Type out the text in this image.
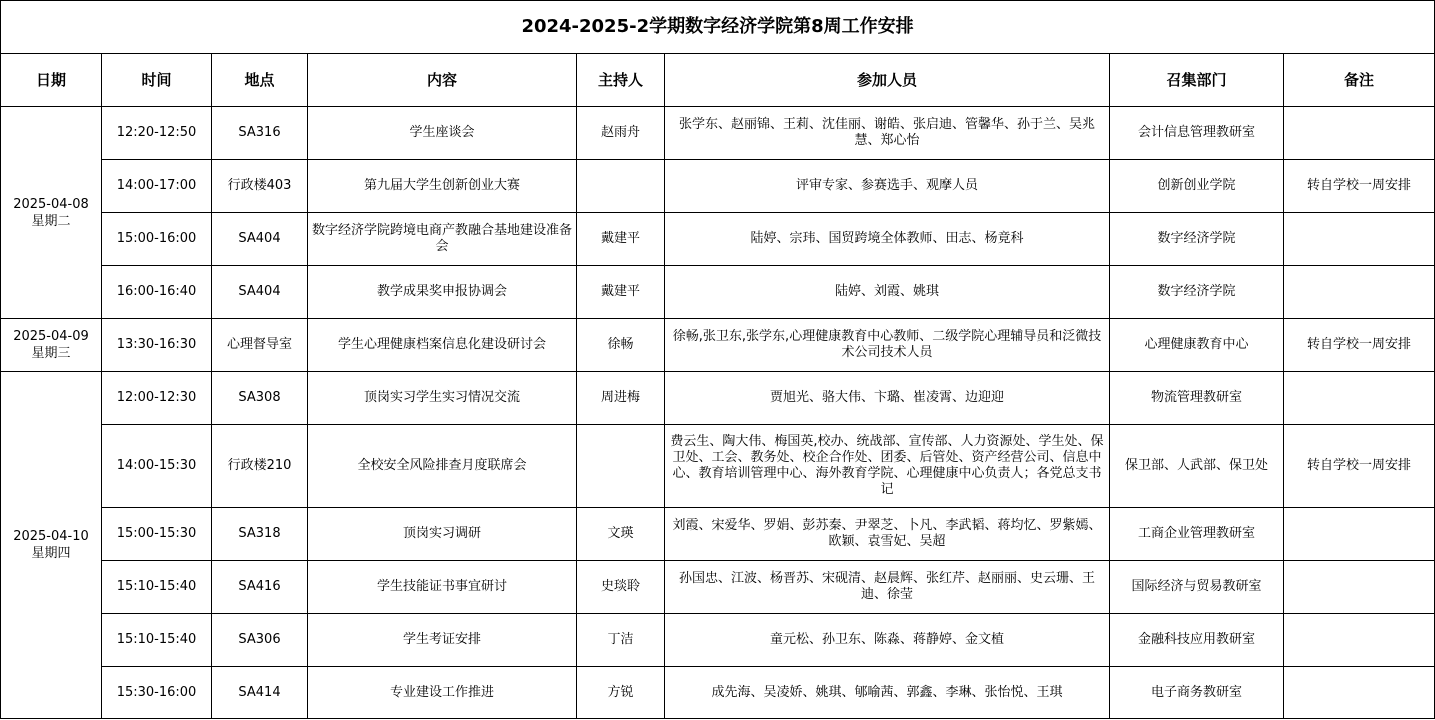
2024-2025-2学期数字经济学院第8周工作安排							
日期	时间	地点	内容	主持人	参加人员	召集部门	备注

2025-04-08
星期二	12:20-12:50	SA316	学生座谈会	赵雨舟	张学东、赵丽锦、王莉、沈佳丽、谢皓、张启迪、管馨华、孙于兰、吴兆慧、郑心怡	会计信息管理教研室	
	14:00-17:00	行政楼403	第九届大学生创新创业大赛		评审专家、参赛选手、观摩人员	创新创业学院	转自学校一周安排
	15:00-16:00	SA404	数字经济学院跨境电商产教融合基地建设准备会	戴建平	陆婷、宗玮、国贸跨境全体教师、田志、杨竟科	数字经济学院	
	16:00-16:40	SA404	教学成果奖申报协调会	戴建平	陆婷、刘霞、姚琪	数字经济学院	

2025-04-09
星期三	13:30-16:30	心理督导室	学生心理健康档案信息化建设研讨会	徐畅	徐畅,张卫东,张学东,心理健康教育中心教师、二级学院心理辅导员和泛微技术公司技术人员	心理健康教育中心	转自学校一周安排

2025-04-10
星期四	12:00-12:30	SA308	顶岗实习学生实习情况交流	周进梅	贾旭光、骆大伟、卞璐、崔凌霄、边迎迎	物流管理教研室	
	14:00-15:30	行政楼210	全校安全风险排查月度联席会		费云生、陶大伟、梅国英,校办、统战部、宣传部、人力资源处、学生处、保卫处、工会、教务处、校企合作处、团委、后管处、资产经营公司、信息中心、教育培训管理中心、海外教育学院、心理健康中心负责人；各党总支书记	保卫部、人武部、保卫处	转自学校一周安排
	15:00-15:30	SA318	顶岗实习调研	文瑛	刘霞、宋爱华、罗娟、彭苏秦、尹翠芝、卜凡、李武韬、蒋均忆、罗紫嫣、欧颖、袁雪妃、吴超	工商企业管理教研室	
	15:10-15:40	SA416	学生技能证书事宜研讨	史琰聆	孙国忠、江波、杨晋苏、宋砚清、赵晨辉、张红芹、赵丽丽、史云珊、王迪、徐莹	国际经济与贸易教研室	
	15:10-15:40	SA306	学生考证安排	丁洁	童元松、孙卫东、陈淼、蒋静婷、金文植	金融科技应用教研室	
	15:30-16:00	SA414	专业建设工作推进	方锐	成先海、吴凌娇、姚琪、郇喻茜、郭鑫、李琳、张怡悦、王琪	电子商务教研室	
